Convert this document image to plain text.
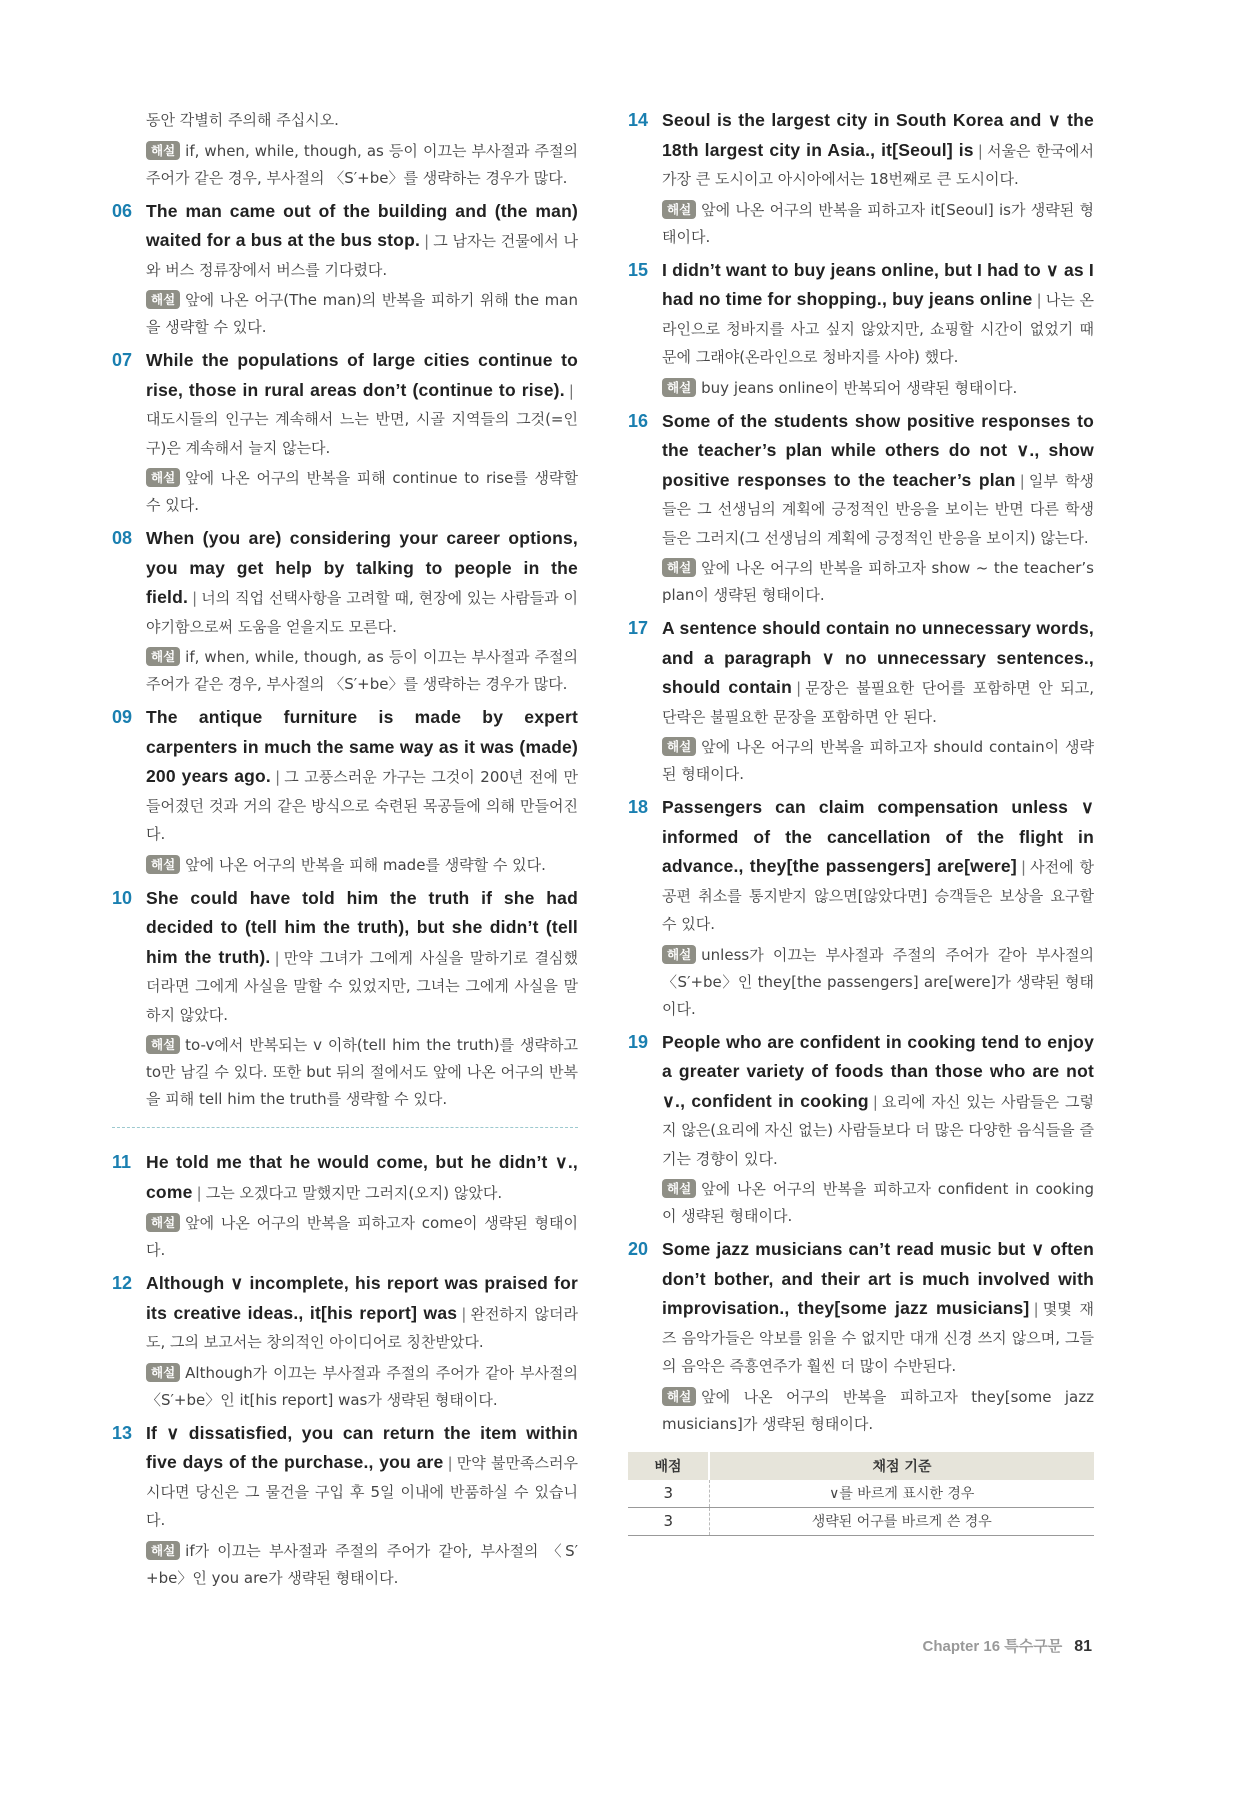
동안 각별히 주의해 주십시오.

해설 if, when, while, though, as 등이 이끄는 부사절과 주절의 주어가 같은 경우, 부사절의 〈S′+be〉를 생략하는 경우가 많다.
06 The man came out of the building and (the man) waited for a bus at the bus stop. | 그 남자는 건물에서 나와 버스 정류장에서 버스를 기다렸다.

해설 앞에 나온 어구(The man)의 반복을 피하기 위해 the man을 생략할 수 있다.
07 While the populations of large cities continue to rise, those in rural areas don’t (continue to rise). |대도시들의 인구는 계속해서 느는 반면, 시골 지역들의 그것(=인구)은 계속해서 늘지 않는다.

해설 앞에 나온 어구의 반복을 피해 continue to rise를 생략할 수 있다.
08 When (you are) considering your career options, you may get help by talking to people in the field. | 너의 직업 선택사항을 고려할 때, 현장에 있는 사람들과 이야기함으로써 도움을 얻을지도 모른다.

해설 if, when, while, though, as 등이 이끄는 부사절과 주절의 주어가 같은 경우, 부사절의 〈S′+be〉를 생략하는 경우가 많다.
09 The antique furniture is made by expert carpenters in much the same way as it was (made) 200 years ago. | 그 고풍스러운 가구는 그것이 200년 전에 만들어졌던 것과 거의 같은 방식으로 숙련된 목공들에 의해 만들어진다.

해설 앞에 나온 어구의 반복을 피해 made를 생략할 수 있다.
10 She could have told him the truth if she had decided to (tell him the truth), but she didn’t (tell him the truth). | 만약 그녀가 그에게 사실을 말하기로 결심했더라면 그에게 사실을 말할 수 있었지만, 그녀는 그에게 사실을 말하지 않았다.

해설 to-v에서 반복되는 v 이하(tell him the truth)를 생략하고 to만 남길 수 있다. 또한 but 뒤의 절에서도 앞에 나온 어구의 반복을 피해 tell him the truth를 생략할 수 있다.
11 He told me that he would come, but he didn’t ∨., come | 그는 오겠다고 말했지만 그러지(오지) 않았다.

해설 앞에 나온 어구의 반복을 피하고자 come이 생략된 형태이다.
12 Although ∨ incomplete, his report was praised for its creative ideas., it[his report] was | 완전하지 않더라도, 그의 보고서는 창의적인 아이디어로 칭찬받았다.

해설 Although가 이끄는 부사절과 주절의 주어가 같아 부사절의 〈S′+be〉인 it[his report] was가 생략된 형태이다.
13 If ∨ dissatisfied, you can return the item within five days of the purchase., you are | 만약 불만족스러우시다면 당신은 그 물건을 구입 후 5일 이내에 반품하실 수 있습니다.

해설 if가 이끄는 부사절과 주절의 주어가 같아, 부사절의 〈S′+be〉인 you are가 생략된 형태이다.
14 Seoul is the largest city in South Korea and ∨ the 18th largest city in Asia., it[Seoul] is | 서울은 한국에서 가장 큰 도시이고 아시아에서는 18번째로 큰 도시이다.

해설 앞에 나온 어구의 반복을 피하고자 it[Seoul] is가 생략된 형태이다.
15 I didn’t want to buy jeans online, but I had to ∨ as I had no time for shopping., buy jeans online | 나는 온라인으로 청바지를 사고 싶지 않았지만, 쇼핑할 시간이 없었기 때문에 그래야(온라인으로 청바지를 사야) 했다.

해설 buy jeans online이 반복되어 생략된 형태이다.
16 Some of the students show positive responses to the teacher’s plan while others do not ∨., show positive responses to the teacher’s plan | 일부 학생들은 그 선생님의 계획에 긍정적인 반응을 보이는 반면 다른 학생들은 그러지(그 선생님의 계획에 긍정적인 반응을 보이지) 않는다.

해설 앞에 나온 어구의 반복을 피하고자 show ~ the teacher’s plan이 생략된 형태이다.
17 A sentence should contain no unnecessary words, and a paragraph ∨ no unnecessary sentences., should contain | 문장은 불필요한 단어를 포함하면 안 되고, 단락은 불필요한 문장을 포함하면 안 된다.

해설 앞에 나온 어구의 반복을 피하고자 should contain이 생략된 형태이다.
18 Passengers can claim compensation unless ∨ informed of the cancellation of the flight in advance., they[the passengers] are[were] | 사전에 항공편 취소를 통지받지 않으면[않았다면] 승객들은 보상을 요구할 수 있다.

해설 unless가 이끄는 부사절과 주절의 주어가 같아 부사절의 〈S′+be〉인 they[the passengers] are[were]가 생략된 형태이다.
19 People who are confident in cooking tend to enjoy a greater variety of foods than those who are not ∨., confident in cooking | 요리에 자신 있는 사람들은 그렇지 않은(요리에 자신 없는) 사람들보다 더 많은 다양한 음식들을 즐기는 경향이 있다.

해설 앞에 나온 어구의 반복을 피하고자 confident in cooking이 생략된 형태이다.
20 Some jazz musicians can’t read music but ∨ often don’t bother, and their art is much involved with improvisation., they[some jazz musicians] | 몇몇 재즈 음악가들은 악보를 읽을 수 없지만 대개 신경 쓰지 않으며, 그들의 음악은 즉흥연주가 훨씬 더 많이 수반된다.

해설 앞에 나온 어구의 반복을 피하고자 they[some jazz musicians]가 생략된 형태이다.
배점	채점 기준
3	∨를 바르게 표시한 경우
3	생략된 어구를 바르게 쓴 경우
Chapter 16 특수구문 81
